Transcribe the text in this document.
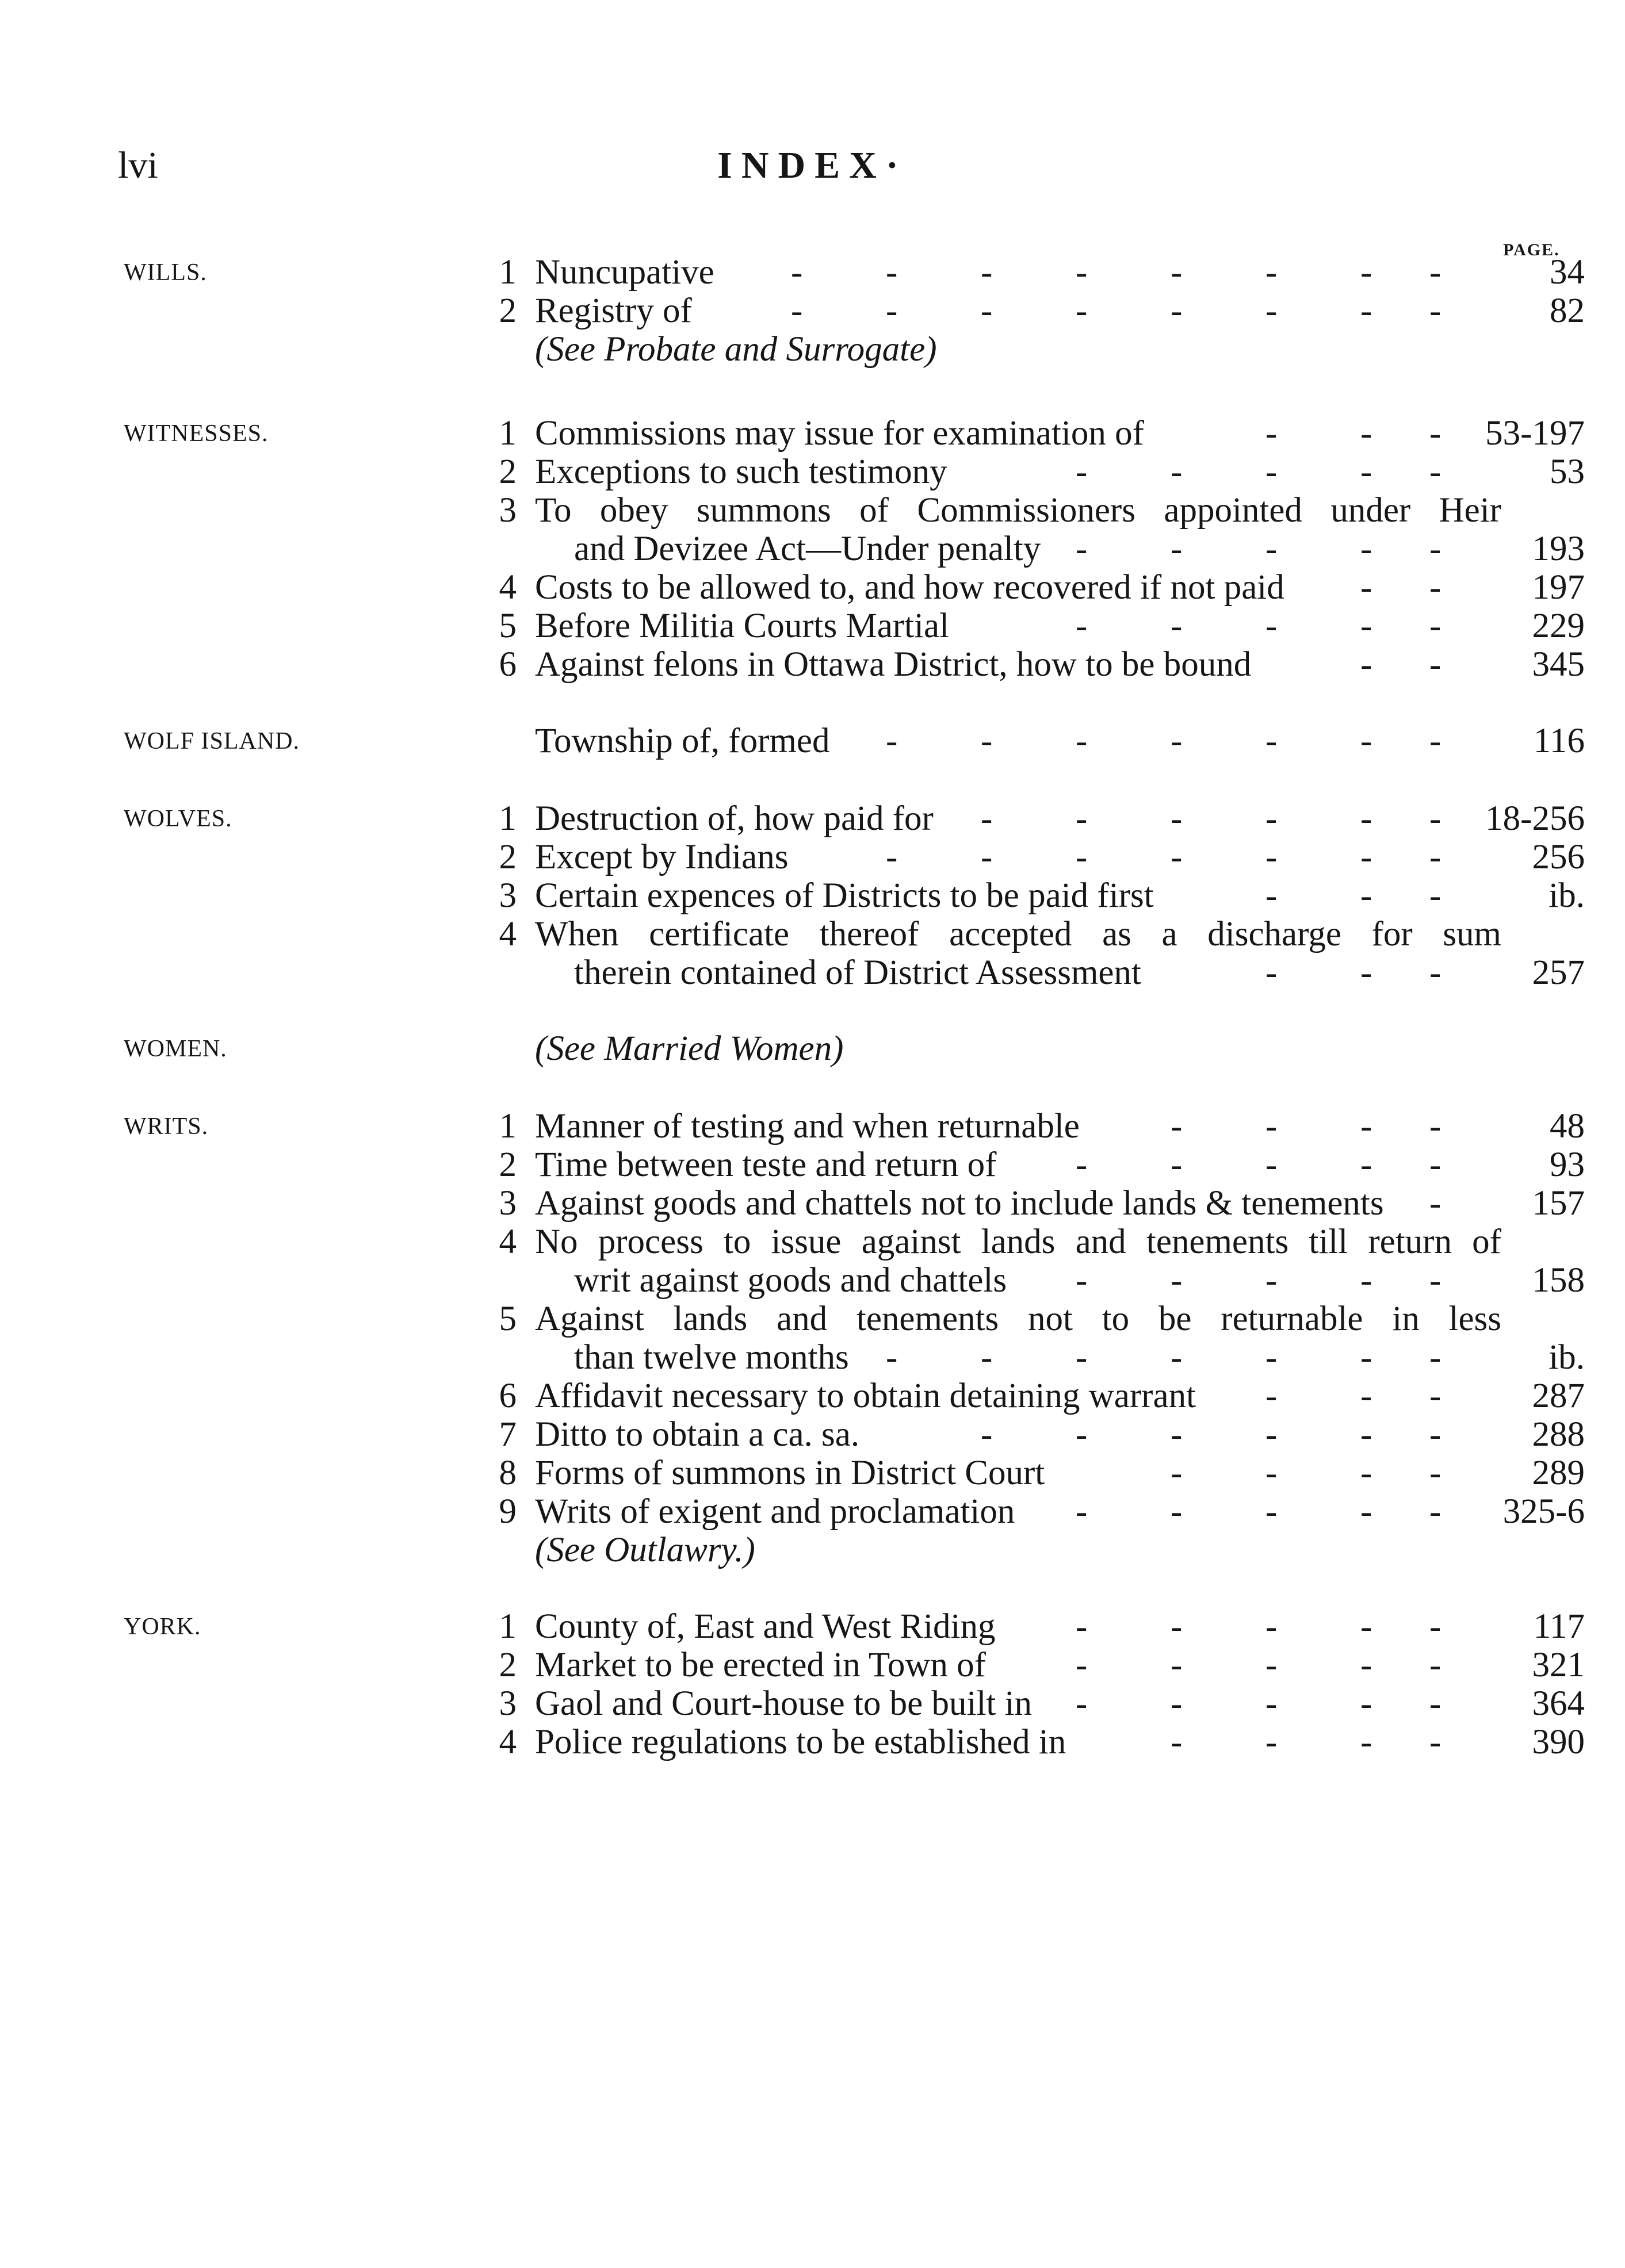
lvi	INDEX·
PAGE.
WILLS.	1 Nuncupative	34
- - - - - - - -
2 Registry of	82
- - - - - - - -
(See Probate and Surrogate)
WITNESSES.	1 Commissions may issue for examination of	53-197
- - -
2 Exceptions to such testimony	53
- - - - -
3 To obey summons of Commissioners appointed under Heir
and Devizee Act—Under penalty	193
- - - - -
4 Costs to be allowed to, and how recovered if not paid	197
- -
5 Before Militia Courts Martial	229
- - - - -
6 Against felons in Ottawa District, how to be bound	345
- -
WOLF ISLAND.	Township of, formed	116
- - - - - - -
WOLVES.	1 Destruction of, how paid for	18-256
- - - - - -
2 Except by Indians	256
- - - - - - -
3 Certain expences of Districts to be paid first	ib.
- - -
4 When certificate thereof accepted as a discharge for sum
therein contained of District Assessment	257
- - -
WOMEN.	(See Married Women)
WRITS.	1 Manner of testing and when returnable	48
- - - -
2 Time between teste and return of	93
- - - - -
3 Against goods and chattels not to include lands & tenements	157
-
4 No process to issue against lands and tenements till return of
writ against goods and chattels	158
- - - - -
5 Against lands and tenements not to be returnable in less
than twelve months	ib.
- - - - - - -
6 Affidavit necessary to obtain detaining warrant	287
- - -
7 Ditto to obtain a ca. sa.	288
- - - - - -
8 Forms of summons in District Court	289
- - - -
9 Writs of exigent and proclamation	325-6
- - - - -
(See Outlawry.)
YORK.	1 County of, East and West Riding	117
- - - - -
2 Market to be erected in Town of	321
- - - - -
3 Gaol and Court-house to be built in	364
- - - - -
4 Police regulations to be established in	390
- - - -
